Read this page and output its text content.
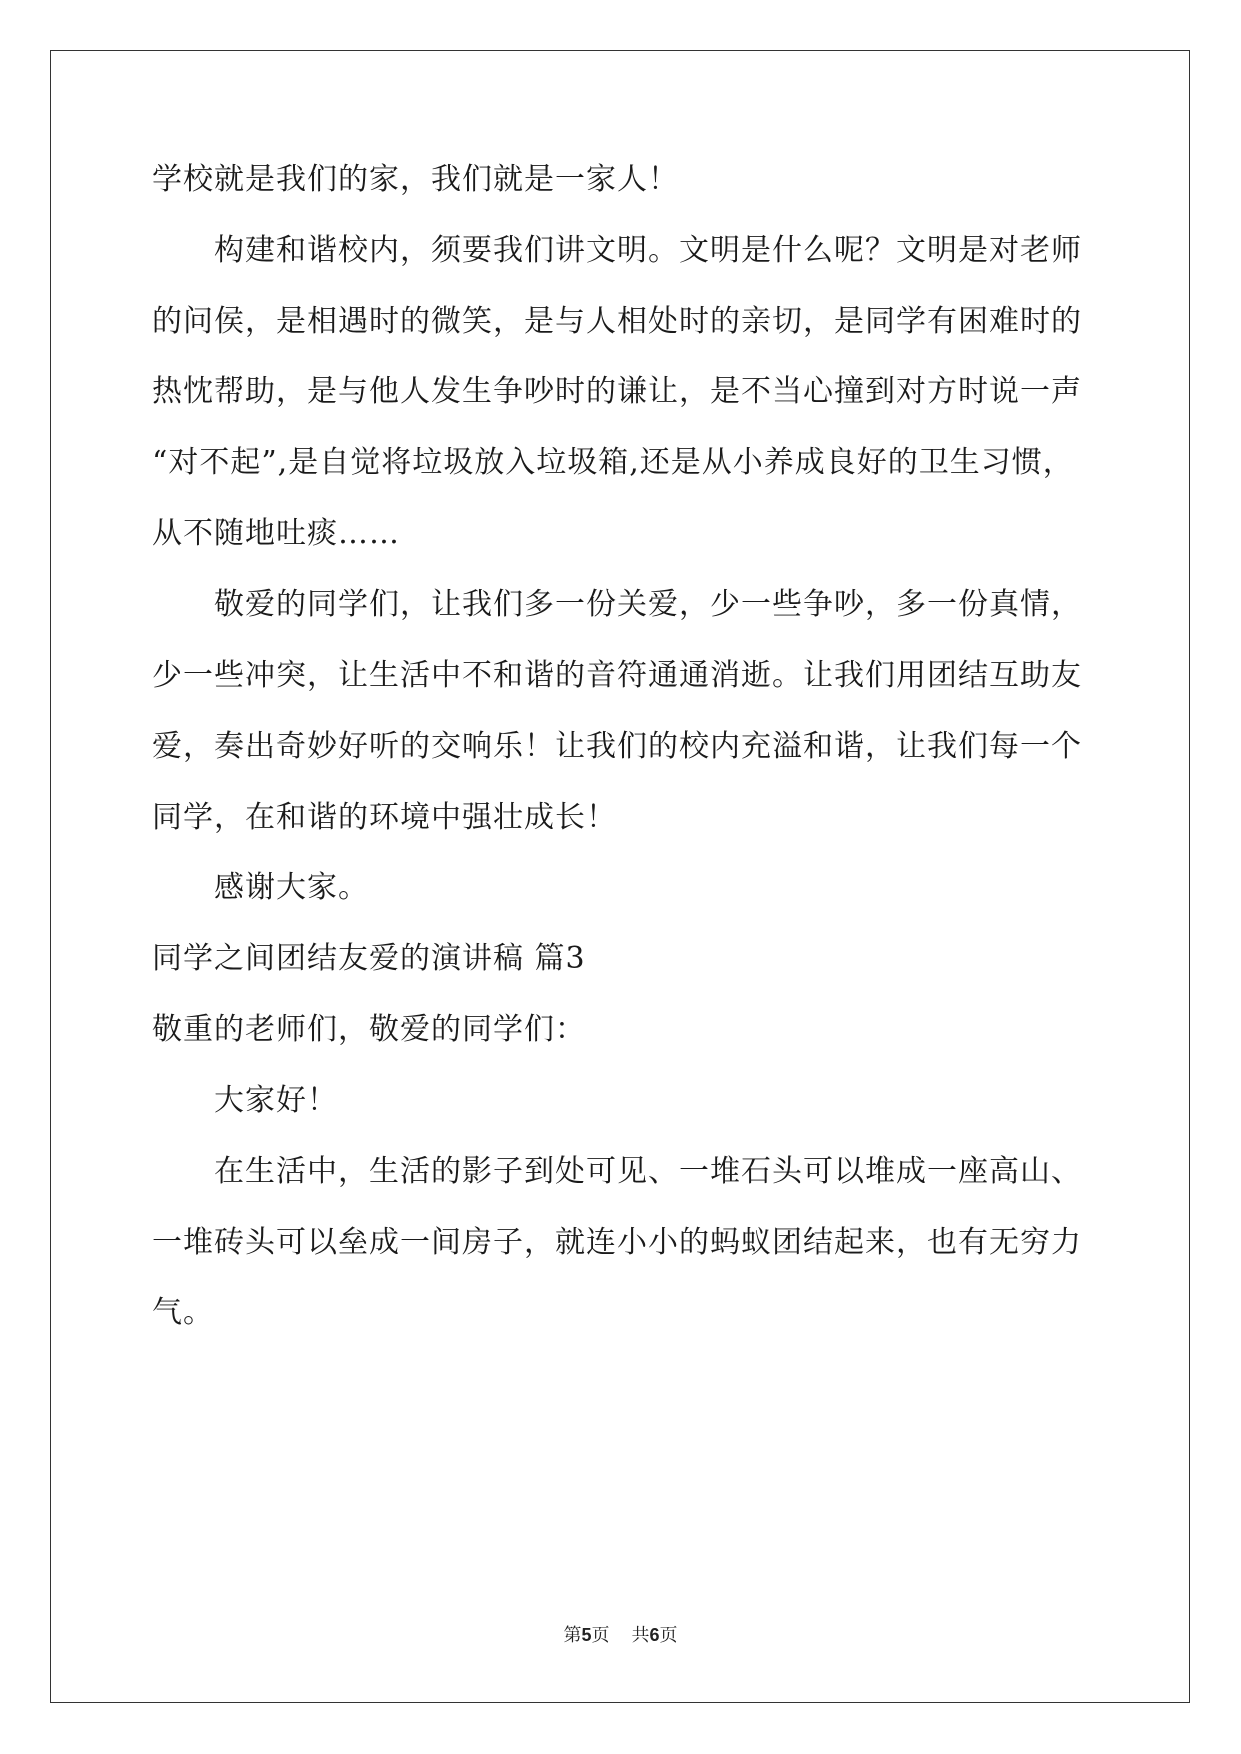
学校就是我们的家，我们就是一家人！
构建和谐校内，须要我们讲文明。文明是什么呢？文明是对老师
的问侯，是相遇时的微笑，是与人相处时的亲切，是同学有困难时的
热忱帮助，是与他人发生争吵时的谦让，是不当心撞到对方时说一声
“对不起”,是自觉将垃圾放入垃圾箱,还是从小养成良好的卫生习惯，
从不随地吐痰……
敬爱的同学们，让我们多一份关爱，少一些争吵，多一份真情，
少一些冲突，让生活中不和谐的音符通通消逝。让我们用团结互助友
爱，奏出奇妙好听的交响乐！让我们的校内充溢和谐，让我们每一个
同学，在和谐的环境中强壮成长！
感谢大家。
同学之间团结友爱的演讲稿 篇3
敬重的老师们，敬爱的同学们：
大家好！
在生活中，生活的影子到处可见、一堆石头可以堆成一座高山、
一堆砖头可以垒成一间房子，就连小小的蚂蚁团结起来，也有无穷力
气。
第5页 共6页
